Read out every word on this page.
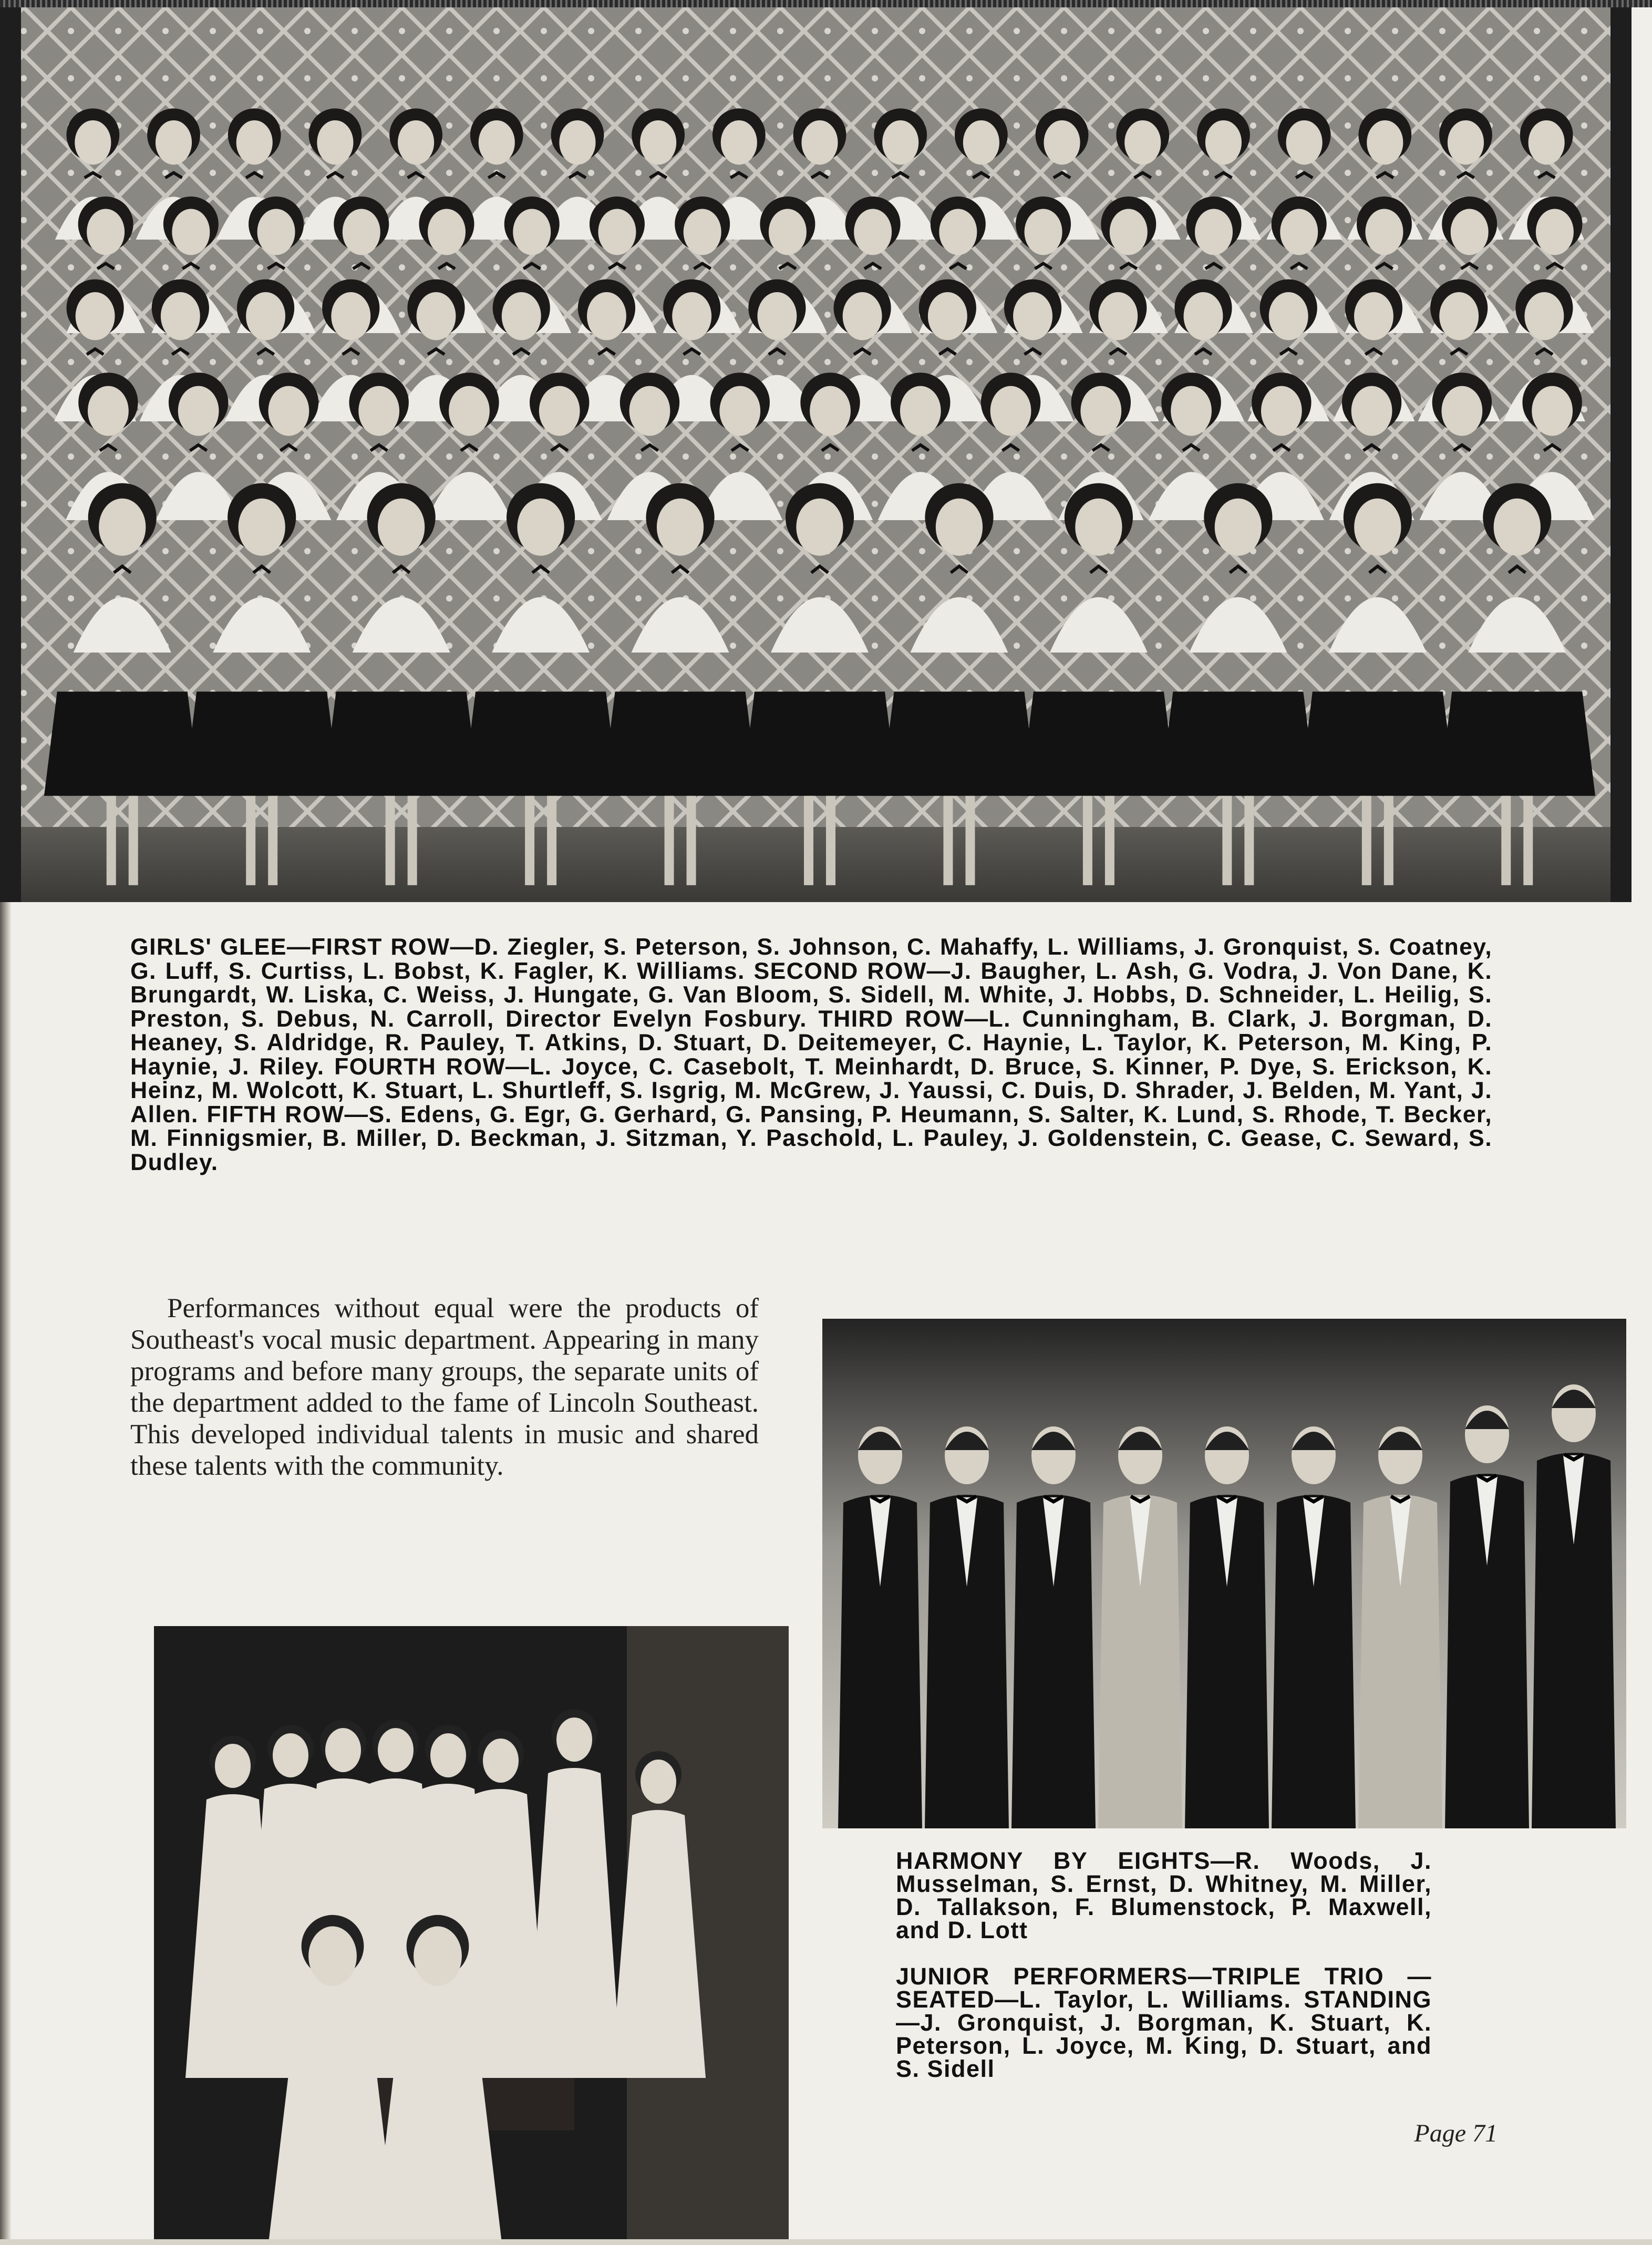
GIRLS' GLEE—FIRST ROW—D. Ziegler, S. Peterson, S. Johnson, C. Mahaffy, L. Williams, J. Gronquist, S. Coatney, G. Luff, S. Curtiss, L. Bobst, K. Fagler, K. Williams. SECOND ROW—J. Baugher, L. Ash, G. Vodra, J. Von Dane, K. Brungardt, W. Liska, C. Weiss, J. Hungate, G. Van Bloom, S. Sidell, M. White, J. Hobbs, D. Schneider, L. Heilig, S. Preston, S. Debus, N. Carroll, Director Evelyn Fosbury. THIRD ROW—L. Cunningham, B. Clark, J. Borgman, D. Heaney, S. Aldridge, R. Pauley, T. Atkins, D. Stuart, D. Deitemeyer, C. Haynie, L. Taylor, K. Peterson, M. King, P. Haynie, J. Riley. FOURTH ROW—L. Joyce, C. Casebolt, T. Meinhardt, D. Bruce, S. Kinner, P. Dye, S. Erickson, K. Heinz, M. Wolcott, K. Stuart, L. Shurtleff, S. Isgrig, M. McGrew, J. Yaussi, C. Duis, D. Shrader, J. Belden, M. Yant, J. Allen. FIFTH ROW—S. Edens, G. Egr, G. Gerhard, G. Pansing, P. Heumann, S. Salter, K. Lund, S. Rhode, T. Becker, M. Finnigsmier, B. Miller, D. Beckman, J. Sitzman, Y. Paschold, L. Pauley, J. Goldenstein, C. Gease, C. Seward, S. Dudley.
Performances without equal were the products of Southeast's vocal music department. Appearing in many programs and before many groups, the separate units of the department added to the fame of Lincoln Southeast. This developed individual talents in music and shared these talents with the community.
HARMONY BY EIGHTS—R. Woods, J. Musselman, S. Ernst, D. Whitney, M. Miller, D. Tallakson, F. Blumenstock, P. Maxwell, and D. Lott
JUNIOR PERFORMERS—TRIPLE TRIO —SEATED—L. Taylor, L. Williams. STANDING—J. Gronquist, J. Borgman, K. Stuart, K. Peterson, L. Joyce, M. King, D. Stuart, and S. Sidell
Page 71
